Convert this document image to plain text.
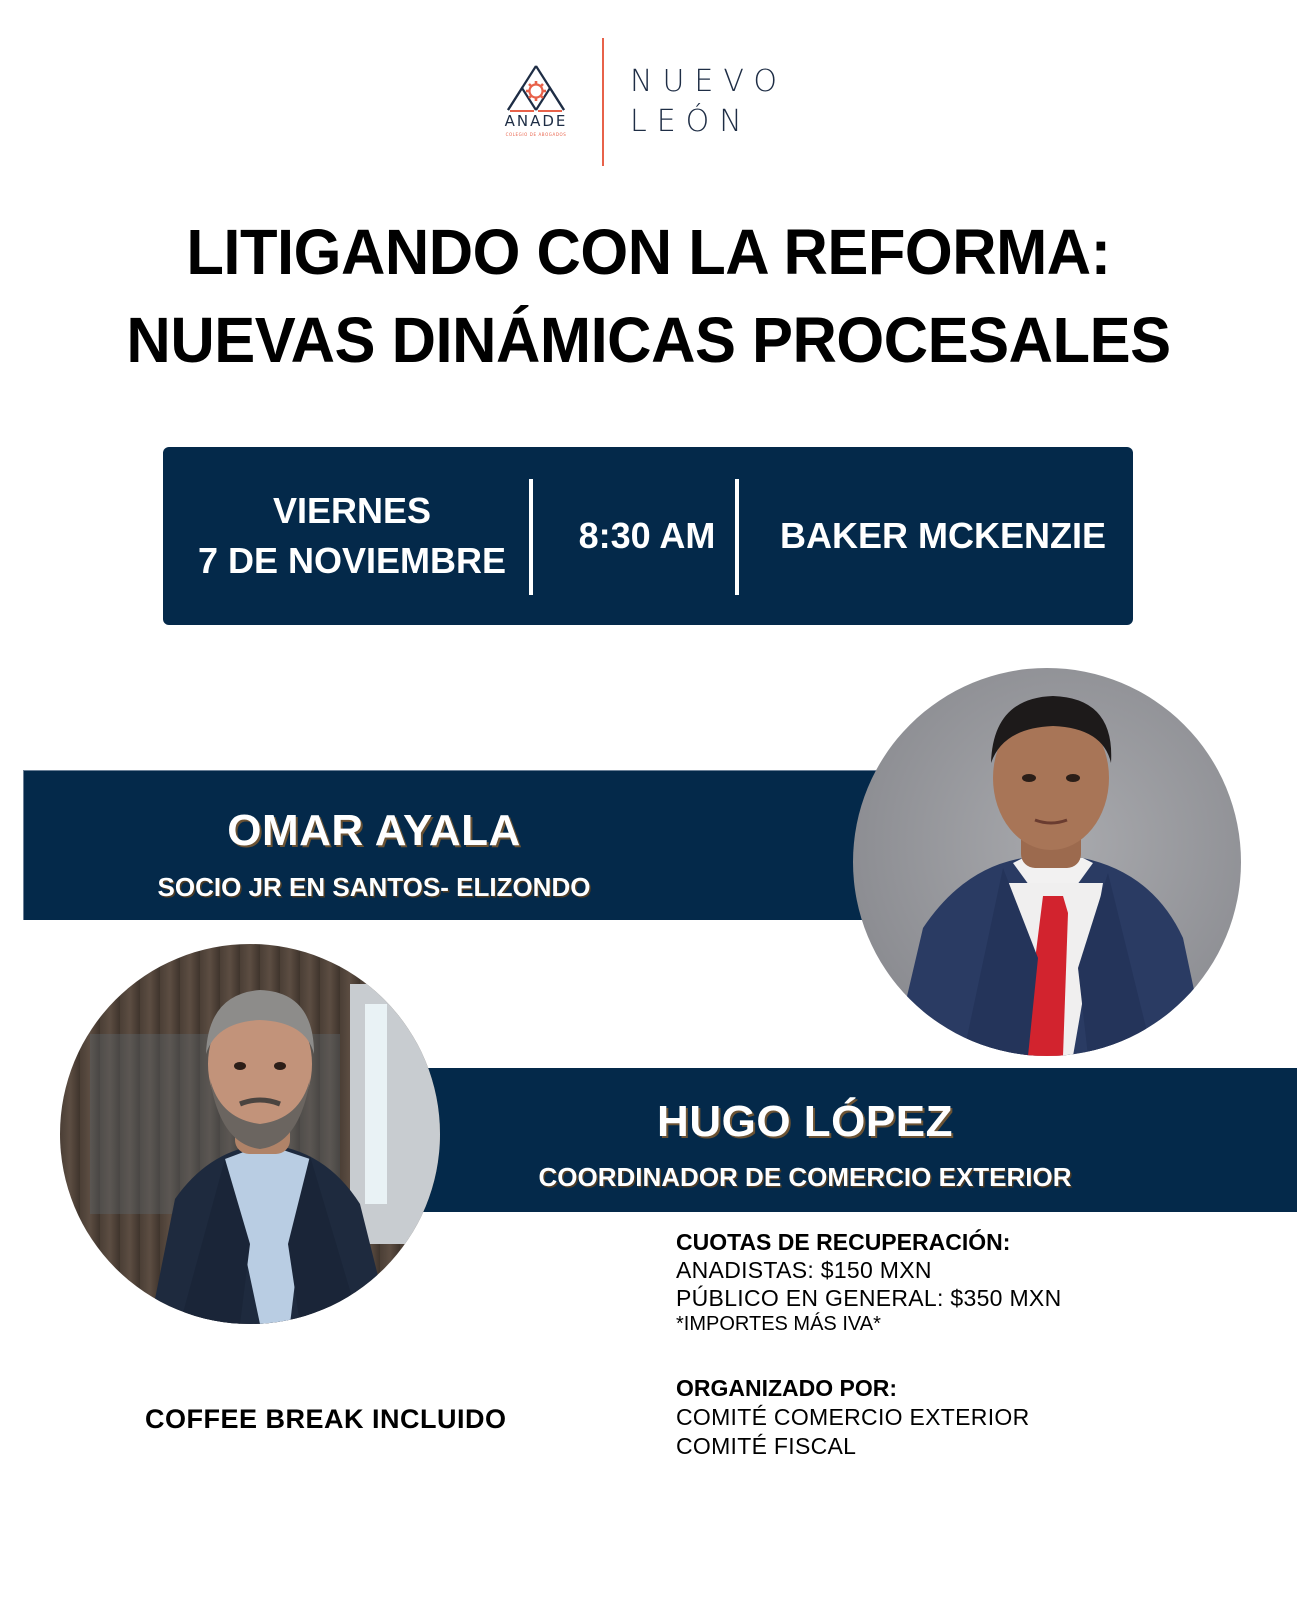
ANADE
COLEGIO DE ABOGADOS
NUEVO
LEÓN
LITIGANDO CON LA REFORMA:
NUEVAS DINÁMICAS PROCESALES
VIERNES
7 DE NOVIEMBRE
8:30 AM BAKER MCKENZIE
OMAR AYALA
SOCIO JR EN SANTOS- ELIZONDO
HUGO LÓPEZ
COORDINADOR DE COMERCIO EXTERIOR
CUOTAS DE RECUPERACIÓN:
ANADISTAS: $150 MXN
PÚBLICO EN GENERAL: $350 MXN
*IMPORTES MÁS IVA*
ORGANIZADO POR:
COMITÉ COMERCIO EXTERIOR
COMITÉ FISCAL
COFFEE BREAK INCLUIDO
